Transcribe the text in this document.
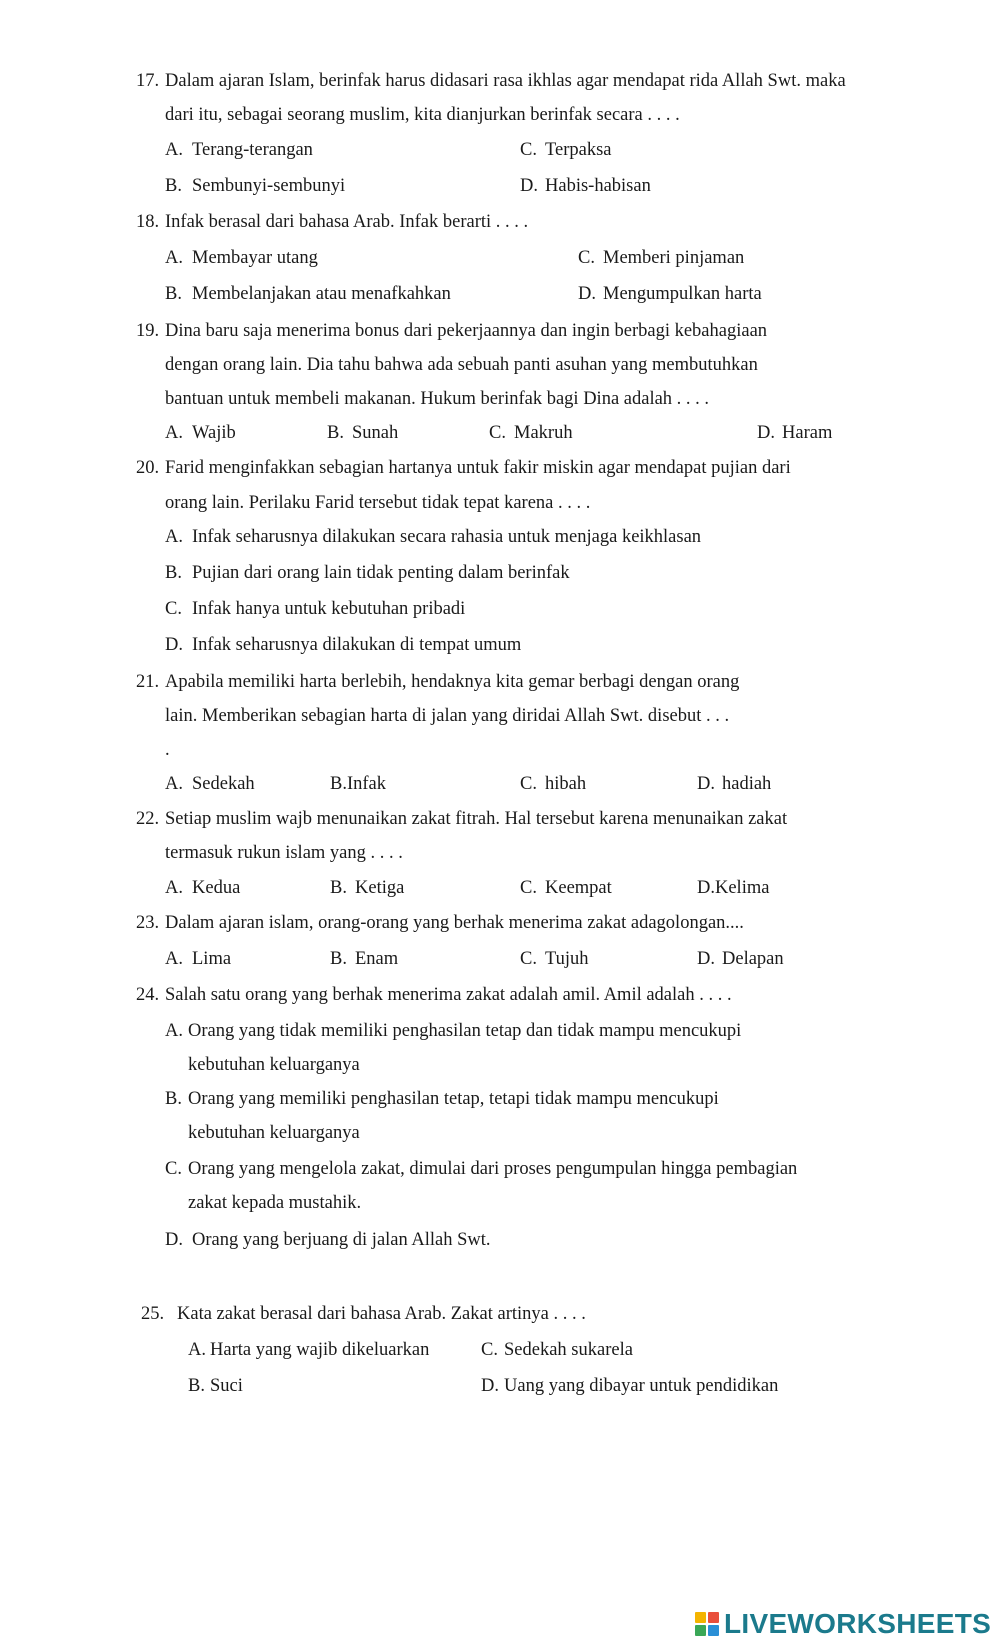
17. Dalam ajaran Islam, berinfak harus didasari rasa ikhlas agar mendapat rida Allah Swt. maka
dari itu, sebagai seorang muslim, kita dianjurkan berinfak secara . . . .
A. Terang-terangan	C. Terpaksa
B. Sembunyi-sembunyi	D. Habis-habisan
18. Infak berasal dari bahasa Arab. Infak berarti . . . .
A. Membayar utang	C. Memberi pinjaman
B. Membelanjakan atau menafkahkan	D. Mengumpulkan harta
19. Dina baru saja menerima bonus dari pekerjaannya dan ingin berbagi kebahagiaan
dengan orang lain. Dia tahu bahwa ada sebuah panti asuhan yang membutuhkan
bantuan untuk membeli makanan. Hukum berinfak bagi Dina adalah . . . .
A. Wajib	B. Sunah	C. Makruh	D. Haram
20. Farid menginfakkan sebagian hartanya untuk fakir miskin agar mendapat pujian dari
orang lain. Perilaku Farid tersebut tidak tepat karena . . . .
A. Infak seharusnya dilakukan secara rahasia untuk menjaga keikhlasan
B. Pujian dari orang lain tidak penting dalam berinfak
C. Infak hanya untuk kebutuhan pribadi
D. Infak seharusnya dilakukan di tempat umum
21. Apabila memiliki harta berlebih, hendaknya kita gemar berbagi dengan orang
lain. Memberikan sebagian harta di jalan yang diridai Allah Swt. disebut . . .
.
A. Sedekah	B.Infak	C. hibah	D. hadiah
22. Setiap muslim wajb menunaikan zakat fitrah. Hal tersebut karena menunaikan zakat
termasuk rukun islam yang . . . .
A. Kedua	B. Ketiga	C. Keempat	D.Kelima
23. Dalam ajaran islam, orang-orang yang berhak menerima zakat adagolongan....
A. Lima	B. Enam	C. Tujuh	D. Delapan
24. Salah satu orang yang berhak menerima zakat adalah amil. Amil adalah . . . .
A. Orang yang tidak memiliki penghasilan tetap dan tidak mampu mencukupi
kebutuhan keluarganya
B. Orang yang memiliki penghasilan tetap, tetapi tidak mampu mencukupi
kebutuhan keluarganya
C. Orang yang mengelola zakat, dimulai dari proses pengumpulan hingga pembagian
zakat kepada mustahik.
D. Orang yang berjuang di jalan Allah Swt.
25. Kata zakat berasal dari bahasa Arab. Zakat artinya . . . .
A. Harta yang wajib dikeluarkan	C. Sedekah sukarela
B. Suci	D. Uang yang dibayar untuk pendidikan
LIVEWORKSHEETS
